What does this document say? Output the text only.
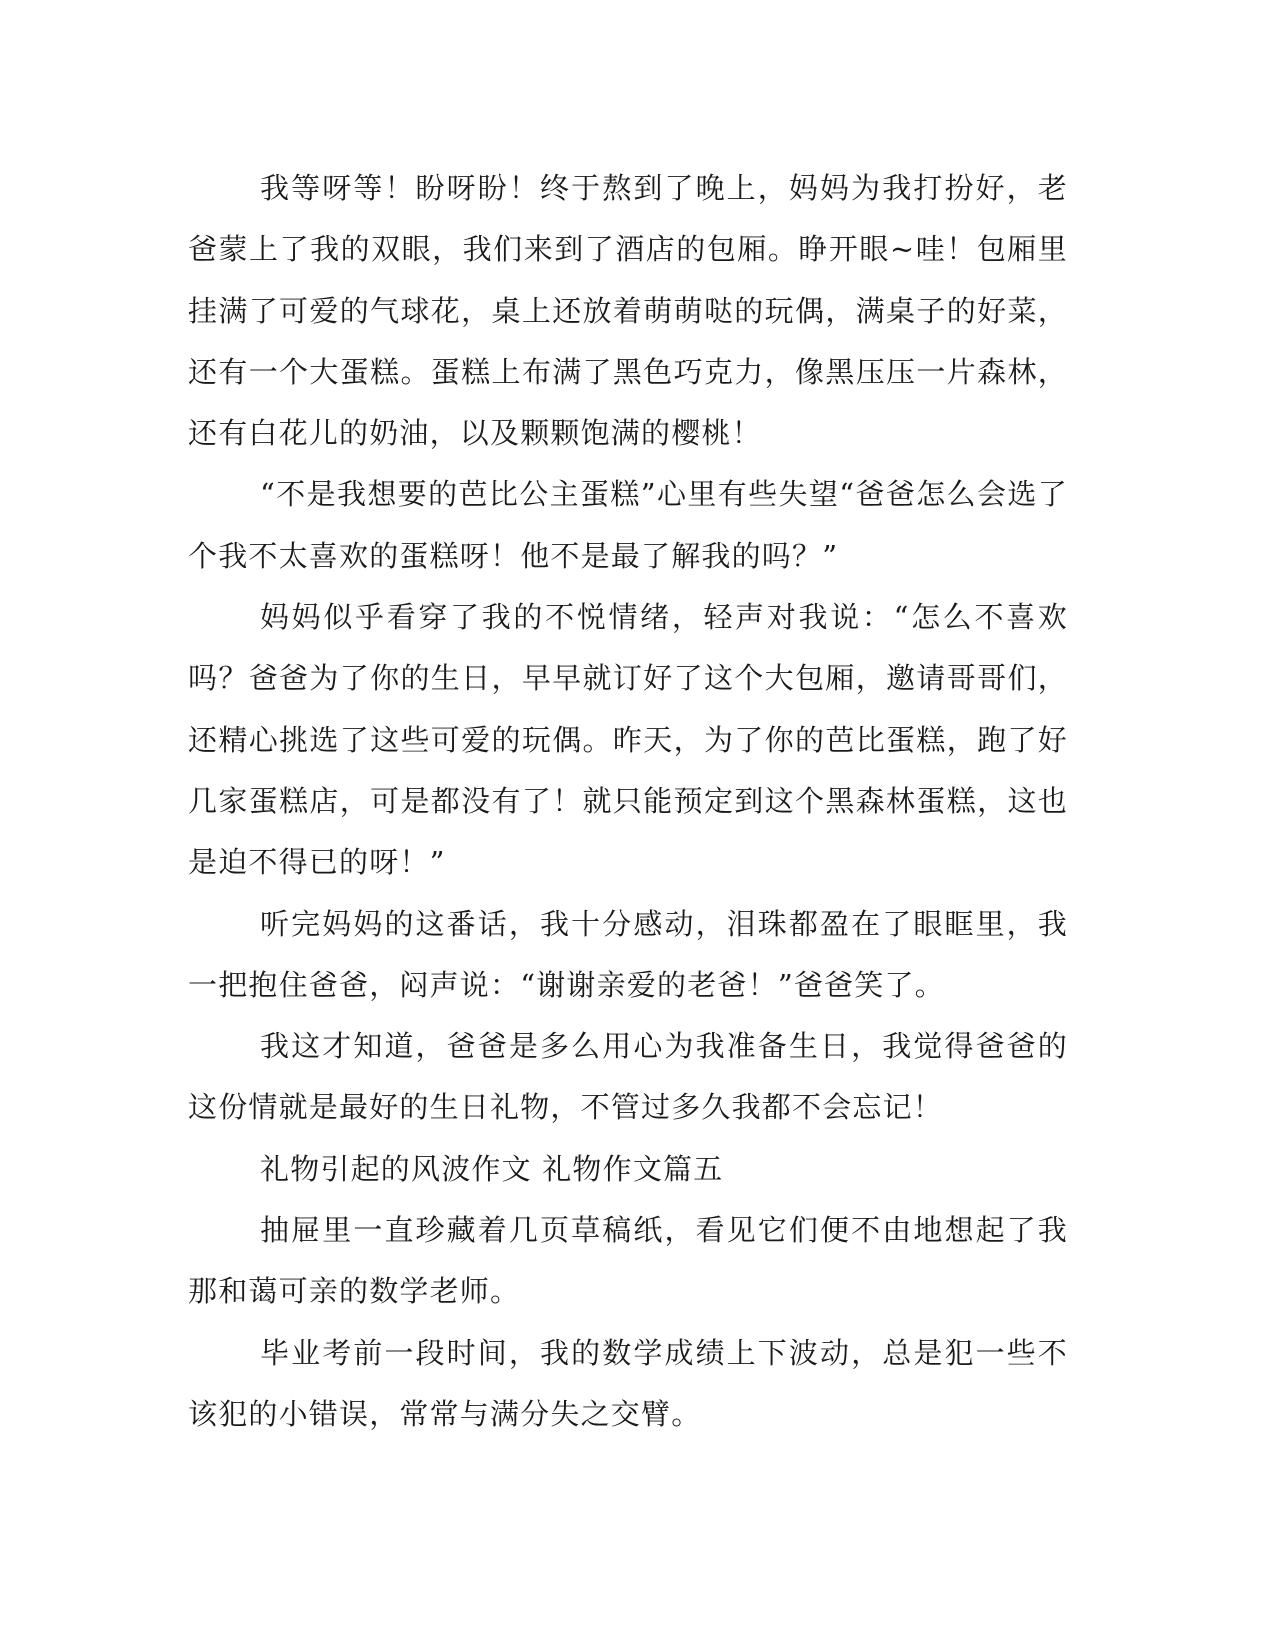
我等呀等！盼呀盼！终于熬到了晚上，妈妈为我打扮好，老爸蒙上了我的双眼，我们来到了酒店的包厢。睁开眼~哇！包厢里挂满了可爱的气球花，桌上还放着萌萌哒的玩偶，满桌子的好菜，还有一个大蛋糕。蛋糕上布满了黑色巧克力，像黑压压一片森林，还有白花儿的奶油，以及颗颗饱满的樱桃！

“不是我想要的芭比公主蛋糕”心里有些失望“爸爸怎么会选了个我不太喜欢的蛋糕呀！他不是最了解我的吗？”

妈妈似乎看穿了我的不悦情绪，轻声对我说：“怎么不喜欢吗？爸爸为了你的生日，早早就订好了这个大包厢，邀请哥哥们，还精心挑选了这些可爱的玩偶。昨天，为了你的芭比蛋糕，跑了好几家蛋糕店，可是都没有了！就只能预定到这个黑森林蛋糕，这也是迫不得已的呀！”

听完妈妈的这番话，我十分感动，泪珠都盈在了眼眶里，我一把抱住爸爸，闷声说：“谢谢亲爱的老爸！”爸爸笑了。

我这才知道，爸爸是多么用心为我准备生日，我觉得爸爸的这份情就是最好的生日礼物，不管过多久我都不会忘记！

礼物引起的风波作文 礼物作文篇五

抽屉里一直珍藏着几页草稿纸，看见它们便不由地想起了我那和蔼可亲的数学老师。

毕业考前一段时间，我的数学成绩上下波动，总是犯一些不该犯的小错误，常常与满分失之交臂。
